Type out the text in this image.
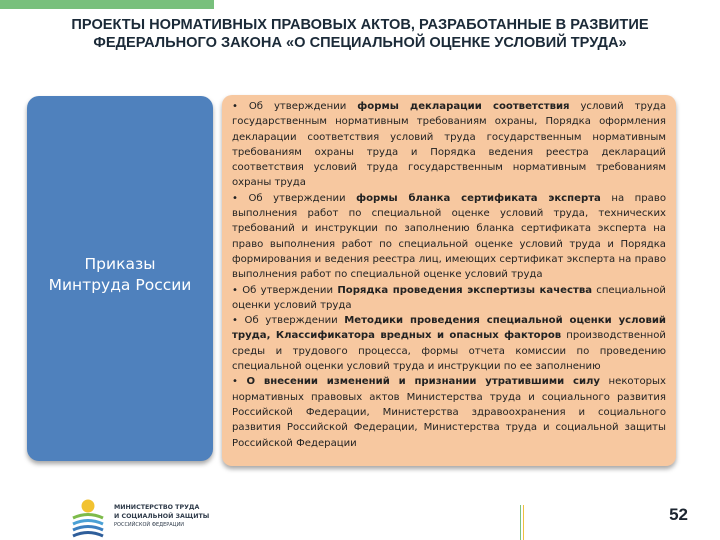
ПРОЕКТЫ НОРМАТИВНЫХ ПРАВОВЫХ АКТОВ, РАЗРАБОТАННЫЕ В РАЗВИТИЕ
ФЕДЕРАЛЬНОГО ЗАКОНА «О СПЕЦИАЛЬНОЙ ОЦЕНКЕ УСЛОВИЙ ТРУДА»
Приказы
Минтруда России

• Об утверждении формы декларации соответствия условий труда государственным нормативным требованиям охраны, Порядка оформления декларации соответствия условий труда государственным нормативным требованиям охраны труда и Порядка ведения реестра деклараций соответствия условий труда государственным нормативным требованиям охраны труда

• Об утверждении формы бланка сертификата эксперта на право выполнения работ по специальной оценке условий труда, технических требований и инструкции по заполнению бланка сертификата эксперта на право выполнения работ по специальной оценке условий труда и Порядка формирования и ведения реестра лиц, имеющих сертификат эксперта на право выполнения работ по специальной оценке условий труда

• Об утверждении Порядка проведения экспертизы качества специальной оценки условий труда

• Об утверждении Методики проведения специальной оценки условий труда, Классификатора вредных и опасных факторов производственной среды и трудового процесса, формы отчета комиссии по проведению специальной оценки условий труда и инструкции по ее заполнению

• О внесении изменений и признании утратившими силу некоторых нормативных правовых актов Министерства труда и социального развития Российской Федерации, Министерства здравоохранения и социального развития Российской Федерации, Министерства труда и социальной защиты Российской Федерации

МИНИСТЕРСТВО ТРУДА
И СОЦИАЛЬНОЙ ЗАЩИТЫ
РОССИЙСКОЙ ФЕДЕРАЦИИ
52
